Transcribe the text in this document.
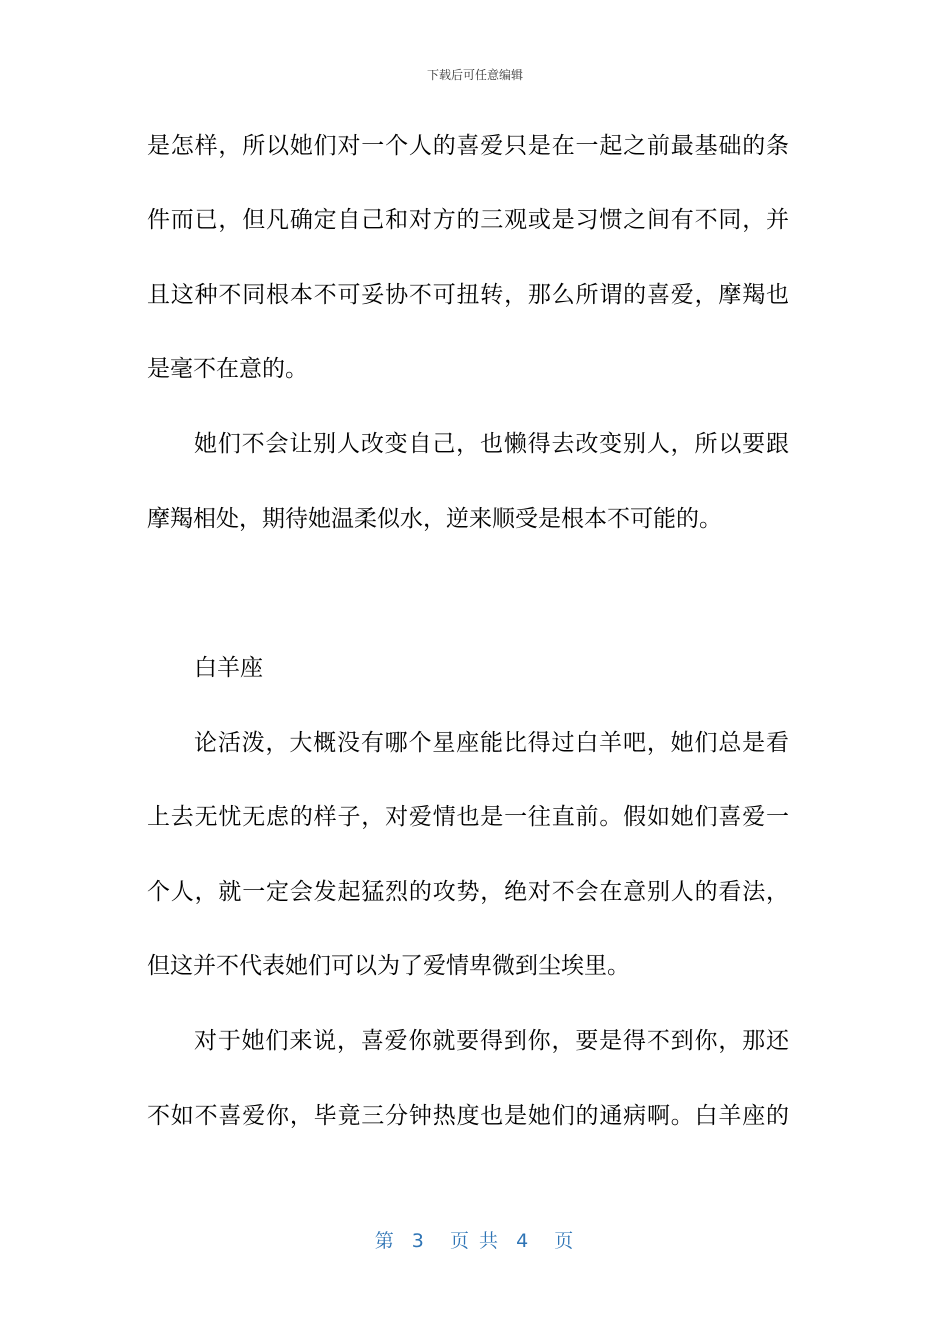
下载后可任意编辑
是怎样，所以她们对一个人的喜爱只是在一起之前最基础的条
件而已，但凡确定自己和对方的三观或是习惯之间有不同，并
且这种不同根本不可妥协不可扭转，那么所谓的喜爱，摩羯也
是毫不在意的。
她们不会让别人改变自己，也懒得去改变别人，所以要跟
摩羯相处，期待她温柔似水，逆来顺受是根本不可能的。
白羊座
论活泼，大概没有哪个星座能比得过白羊吧，她们总是看
上去无忧无虑的样子，对爱情也是一往直前。假如她们喜爱一
个人，就一定会发起猛烈的攻势，绝对不会在意别人的看法，
但这并不代表她们可以为了爱情卑微到尘埃里。
对于她们来说，喜爱你就要得到你，要是得不到你，那还
不如不喜爱你，毕竟三分钟热度也是她们的通病啊。白羊座的
第  3   页 共  4   页
